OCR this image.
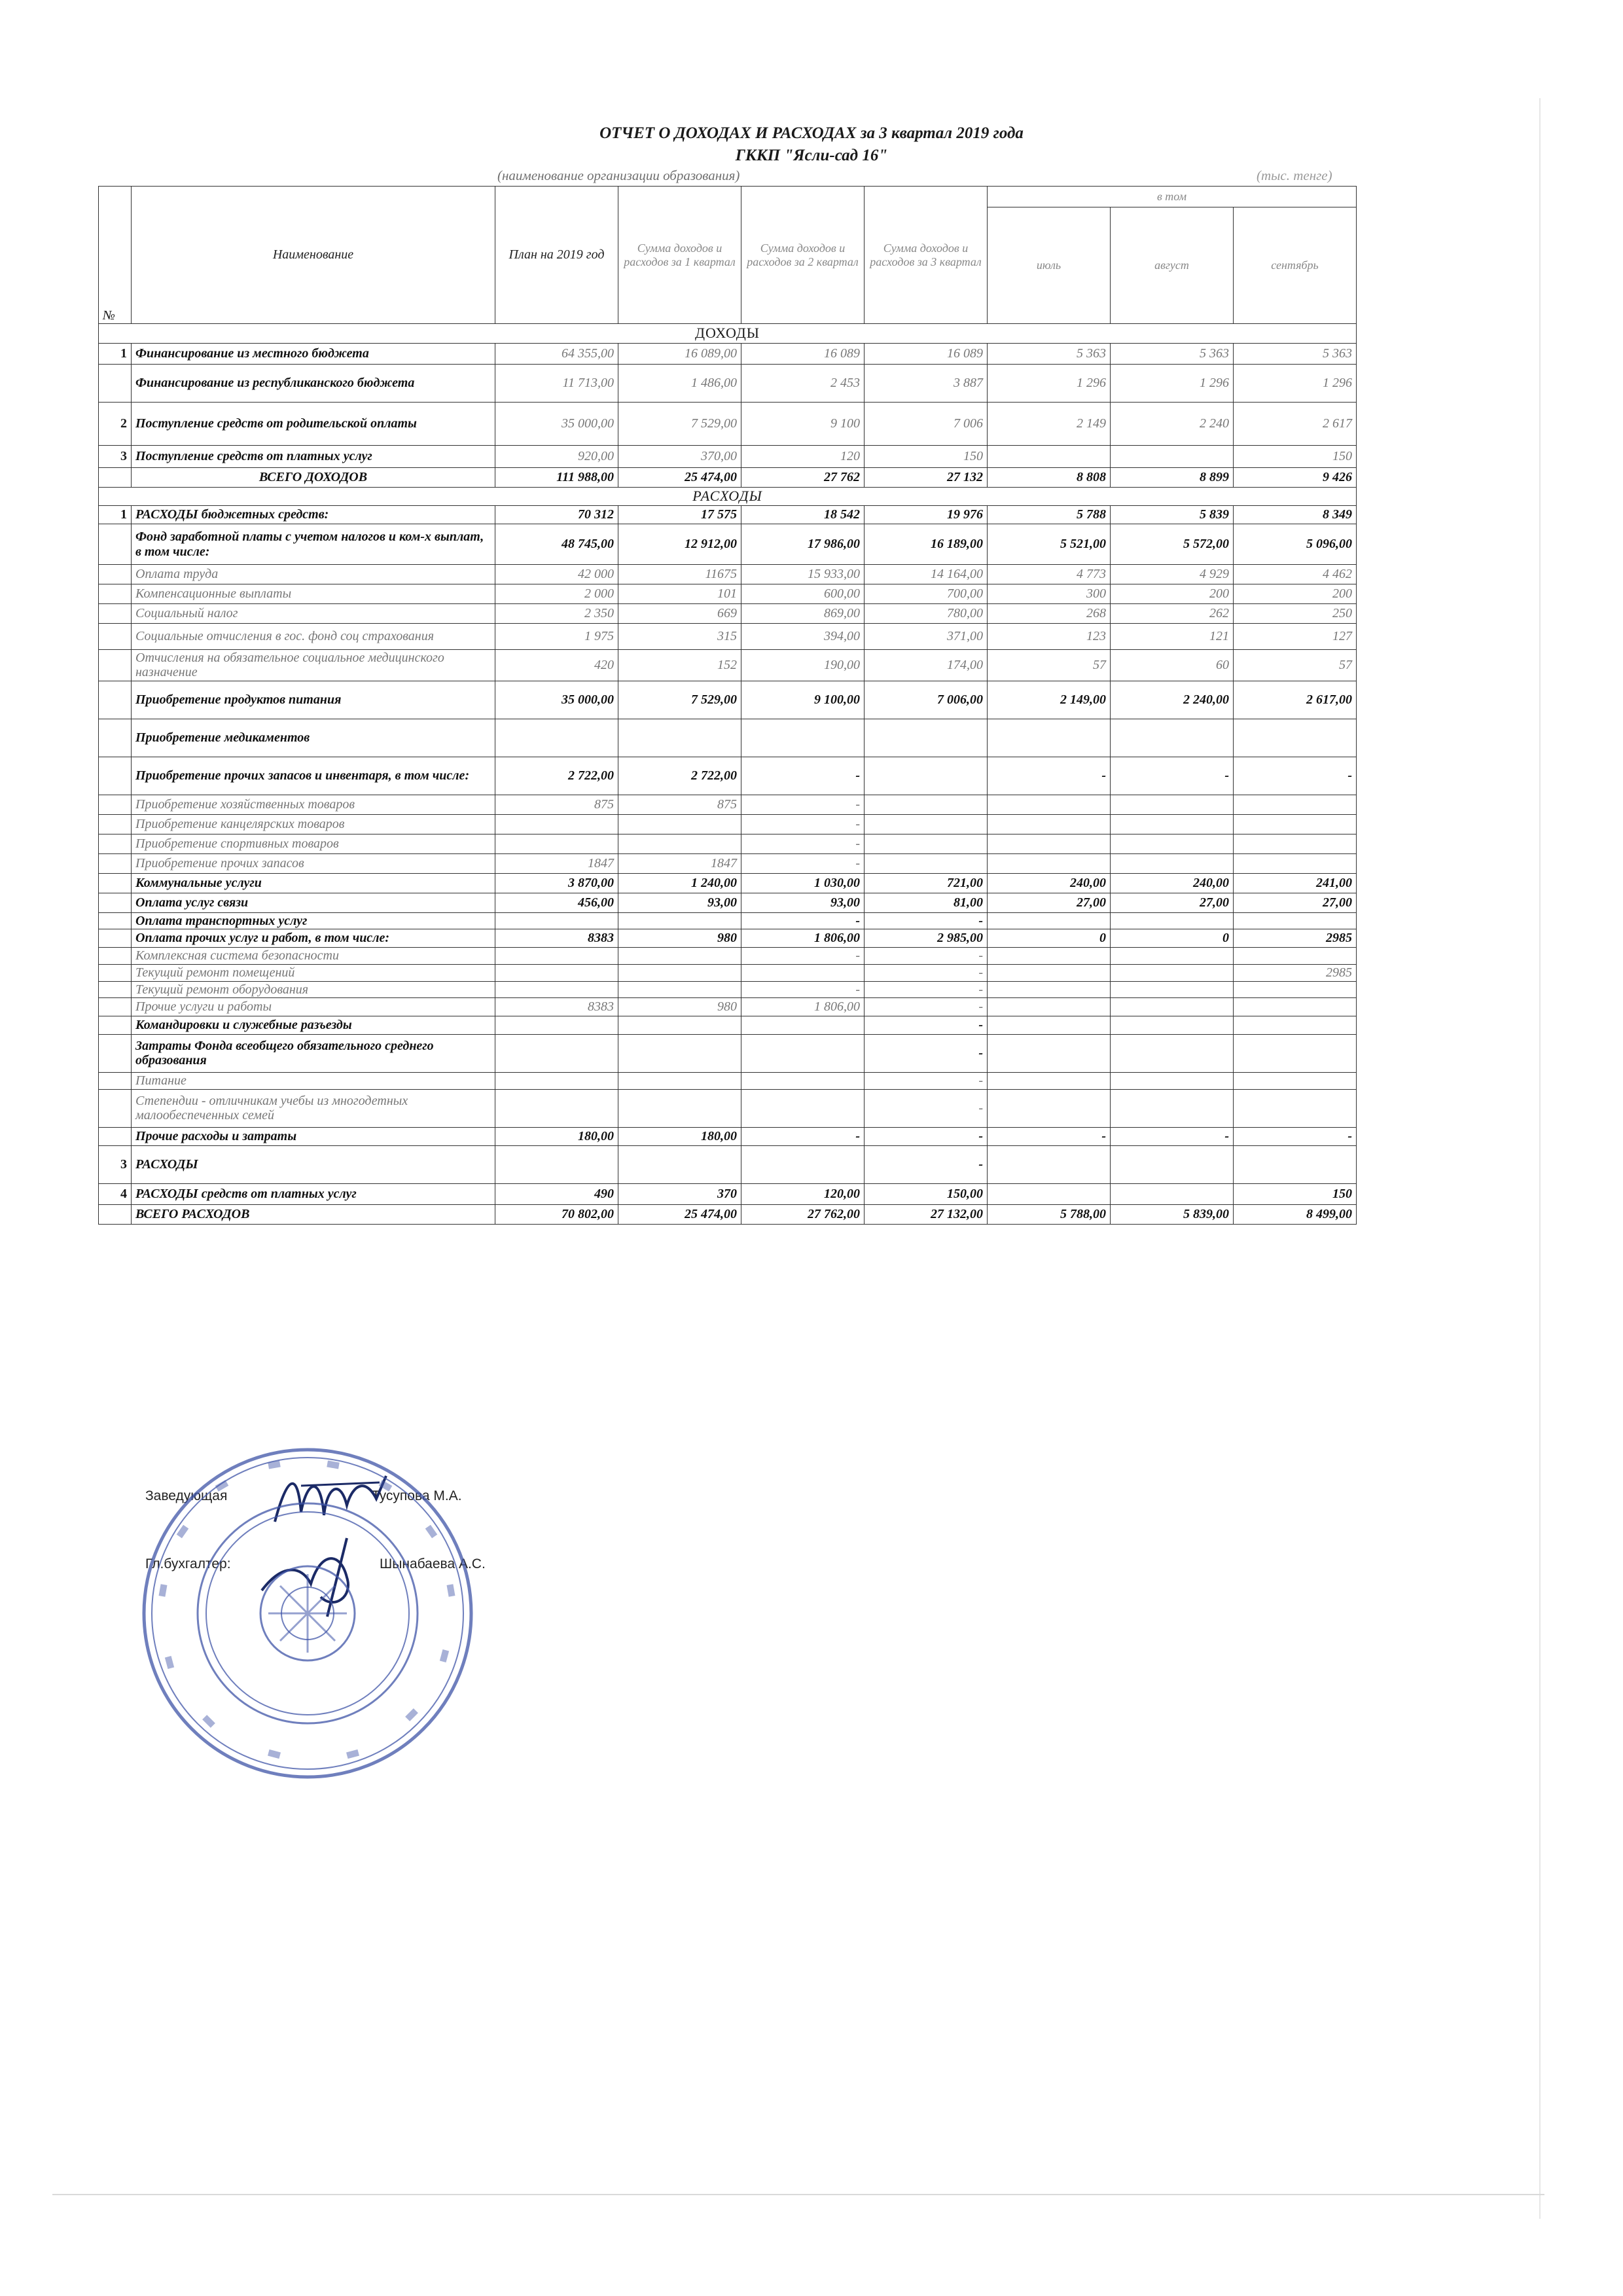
ОТЧЕТ О ДОХОДАХ И РАСХОДАХ за 3 квартал 2019 года
ГККП "Ясли-сад 16"
(наименование организации образования)	(тыс. тенге)
№	Наименование	План на 2019 год	Сумма доходов и расходов за 1 квартал	Сумма доходов и расходов за 2 квартал	Сумма доходов и расходов за 3 квартал	в том		
						июль	август	сентябрь
ДОХОДЫ								
1	Финансирование из местного бюджета	64 355,00	16 089,00	16 089	16 089	5 363	5 363	5 363
	Финансирование из республиканского бюджета	11 713,00	1 486,00	2 453	3 887	1 296	1 296	1 296
2	Поступление средств от родительской оплаты	35 000,00	7 529,00	9 100	7 006	2 149	2 240	2 617
3	Поступление средств от платных услуг	920,00	370,00	120	150			150
	ВСЕГО ДОХОДОВ	111 988,00	25 474,00	27 762	27 132	8 808	8 899	9 426
РАСХОДЫ								
1	РАСХОДЫ бюджетных средств:	70 312	17 575	18 542	19 976	5 788	5 839	8 349
	Фонд заработной платы с учетом налогов и ком-х выплат, в том числе:	48 745,00	12 912,00	17 986,00	16 189,00	5 521,00	5 572,00	5 096,00
	Оплата труда	42 000	11675	15 933,00	14 164,00	4 773	4 929	4 462
	Компенсационные выплаты	2 000	101	600,00	700,00	300	200	200
	Социальный налог	2 350	669	869,00	780,00	268	262	250
	Социальные отчисления в гос. фонд соц страхования	1 975	315	394,00	371,00	123	121	127
	Отчисления на обязательное социальное медицинского назначение	420	152	190,00	174,00	57	60	57
	Приобретение продуктов питания	35 000,00	7 529,00	9 100,00	7 006,00	2 149,00	2 240,00	2 617,00
	Приобретение медикаментов							
	Приобретение прочих запасов и инвентаря, в том числе:	2 722,00	2 722,00	-		-	-	-
	Приобретение хозяйственных товаров	875	875	-				
	Приобретение канцелярских товаров			-				
	Приобретение спортивных товаров			-				
	Приобретение прочих запасов	1847	1847	-				
	Коммунальные услуги	3 870,00	1 240,00	1 030,00	721,00	240,00	240,00	241,00
	Оплата услуг связи	456,00	93,00	93,00	81,00	27,00	27,00	27,00
	Оплата транспортных услуг			-	-			
	Оплата прочих услуг и работ, в том числе:	8383	980	1 806,00	2 985,00	0	0	2985
	Комплексная система безопасности			-	-			
	Текущий ремонт помещений				-			2985
	Текущий ремонт оборудования			-	-			
	Прочие услуги и работы	8383	980	1 806,00	-			
	Командировки и служебные разъезды				-			
	Затраты Фонда всеобщего обязательного среднего образования				-			
	Питание				-			
	Степендии - отличникам учебы из многодетных малообеспеченных семей				-			
	Прочие расходы и затраты	180,00	180,00	-	-	-	-	-
3	РАСХОДЫ				-			
4	РАСХОДЫ средств от платных услуг	490	370	120,00	150,00			150
	ВСЕГО РАСХОДОВ	70 802,00	25 474,00	27 762,00	27 132,00	5 788,00	5 839,00	8 499,00
Заведующая	Тусупова М.А.
Гл.бухгалтер:	Шынабаева А.С.
